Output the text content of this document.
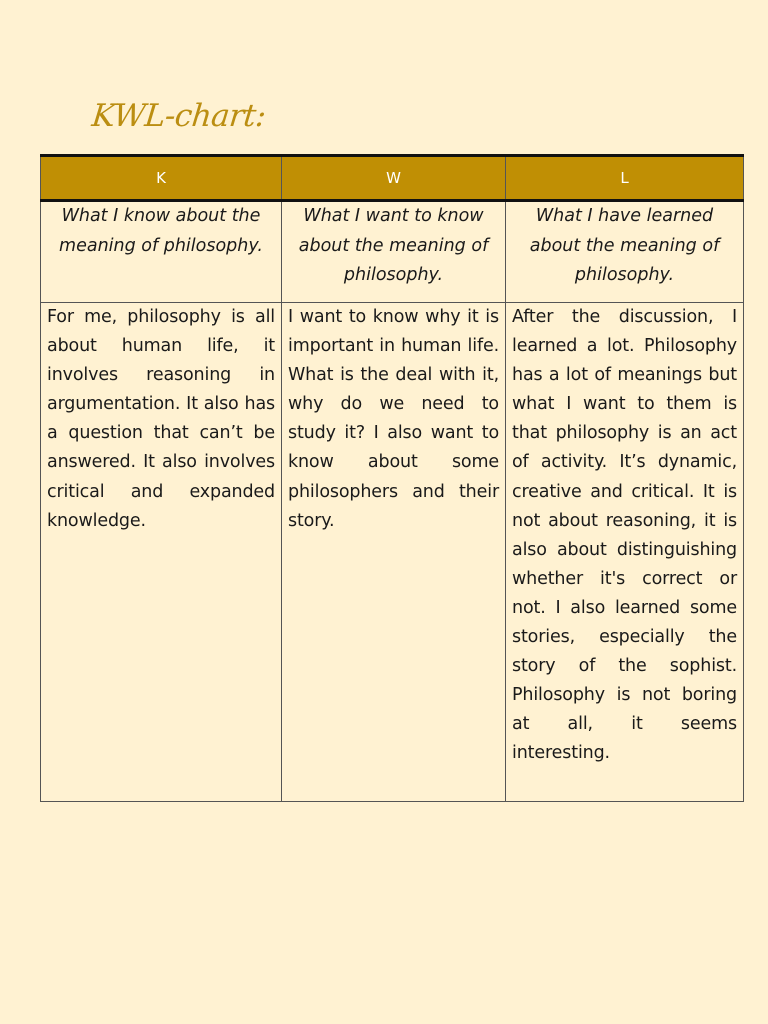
KWL-chart:
K	W	L
What I know about the meaning of philosophy.	What I want to know about the meaning of philosophy.	What I have learned about the meaning of philosophy.
For me, philosophy is all about human life, it involves reasoning in argumentation. It also has a question that can’t be answered. It also involves critical and expanded knowledge.	I want to know why it is important in human life. What is the deal with it, why do we need to study it? I also want to know about some philosophers and their story.	After the discussion, I learned a lot. Philosophy has a lot of meanings but what I want to them is that philosophy is an act of activity. It’s dynamic, creative and critical. It is not about reasoning, it is also about distinguishing whether it's correct or not. I also learned some stories, especially the story of the sophist. Philosophy is not boring at all, it seems interesting.
